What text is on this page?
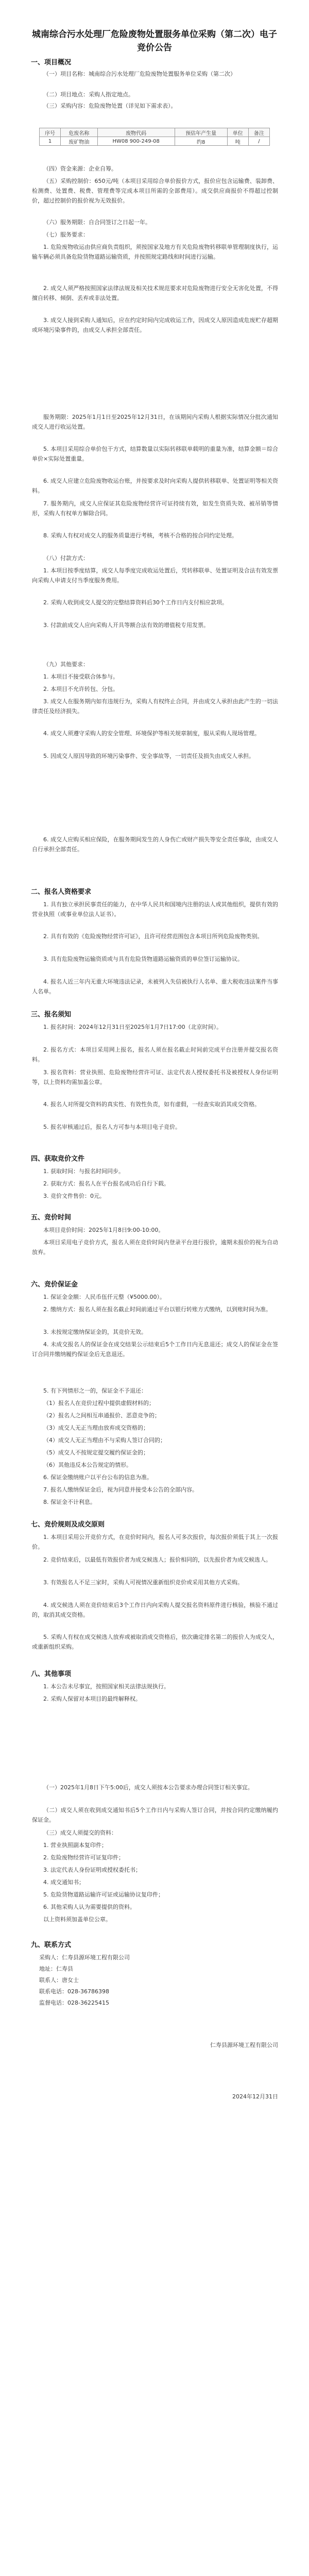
城南综合污水处理厂危险废物处置服务单位采购（第二次）电子竞价公告
一、项目概况
（一）项目名称：城南综合污水处理厂危险废物处置服务单位采购（第二次）
（二）项目地点：采购人指定地点。
（三）采购内容：危险废物处置（详见如下需求表）。
序号	危废名称	废物代码	预估年产生量	单位	备注
1	废矿物油	HW08 900-249-08	约8	吨	/
（四）资金来源：企业自筹。
（五）采购控制价：650元/吨（本项目采用综合单价报价方式，报价应包含运输费、装卸费、检测费、处置费、税费、管理费等完成本项目所需的全部费用）。成交供应商报价不得超过控制价，超过控制价的报价视为无效报价。
（六）服务期限：自合同签订之日起一年。
（七）服务要求：
1. 危险废物收运由供应商负责组织，须按国家及地方有关危险废物转移联单管理制度执行，运输车辆必须具备危险货物道路运输资质，并按照规定路线和时间进行运输。
2. 成交人须严格按照国家法律法规及相关技术规范要求对危险废物进行安全无害化处置，不得擅自转移、倾倒、丢弃或非法处置。
3. 成交人接到采购人通知后，应在约定时间内完成收运工作，因成交人原因造成危废贮存超期或环境污染事件的，由成交人承担全部责任。
服务期限：2025年1月1日至2025年12月31日，在该期间内采购人根据实际情况分批次通知成交人进行收运处置。
5. 本项目采用综合单价包干方式，结算数量以实际转移联单载明的重量为准，结算金额＝综合单价×实际处置重量。
6. 成交人应建立危险废物收运台账，并按要求及时向采购人提供转移联单、处置证明等相关资料。
7. 服务期内，成交人应保证其危险废物经营许可证持续有效，如发生资质失效、被吊销等情形，采购人有权单方解除合同。
8. 采购人有权对成交人的服务质量进行考核，考核不合格的按合同约定处理。
（八）付款方式：
1. 本项目按季度结算，成交人每季度完成收运处置后，凭转移联单、处置证明及合法有效发票向采购人申请支付当季度服务费用。
2. 采购人收到成交人提交的完整结算资料后30个工作日内支付相应款项。
3. 付款前成交人应向采购人开具等额合法有效的增值税专用发票。
（九）其他要求：
1. 本项目不接受联合体参与。
2. 本项目不允许转包、分包。
3. 成交人在服务期内如有违规行为，采购人有权终止合同，并由成交人承担由此产生的一切法律责任及经济损失。
4. 成交人须遵守采购人的安全管理、环境保护等相关规章制度，服从采购人现场管理。
5. 因成交人原因导致的环境污染事件、安全事故等，一切责任及损失由成交人承担。
6. 成交人应购买相应保险，在服务期间发生的人身伤亡或财产损失等安全责任事故，由成交人自行承担全部责任。
二、报名人资格要求
1. 具有独立承担民事责任的能力，在中华人民共和国境内注册的法人或其他组织，提供有效的营业执照（或事业单位法人证书）。
2. 具有有效的《危险废物经营许可证》，且许可经营范围包含本项目所列危险废物类别。
3. 具有危险废物运输资质或与具有危险货物道路运输资质的单位签订运输协议。
4. 报名人近三年内无重大环境违法记录，未被列入失信被执行人名单、重大税收违法案件当事人名单。
三、报名须知
1. 报名时间：2024年12月31日至2025年1月7日17:00（北京时间）。
2. 报名方式：本项目采用网上报名，报名人须在报名截止时间前完成平台注册并提交报名资料。
3. 报名资料：营业执照、危险废物经营许可证、法定代表人授权委托书及被授权人身份证明等，以上资料均需加盖公章。
4. 报名人对所提交资料的真实性、有效性负责，如有虚假，一经查实取消其成交资格。
5. 报名审核通过后，报名人方可参与本项目电子竞价。
四、获取竞价文件
1. 获取时间：与报名时间同步。
2. 获取方式：报名人在平台报名成功后自行下载。
3. 竞价文件售价：0元。
五、竞价时间
本项目竞价时间：2025年1月8日9:00-10:00。
本项目采用电子竞价方式，报名人须在竞价时间内登录平台进行报价，逾期未报价的视为自动放弃。
六、竞价保证金
1. 保证金金额：人民币伍仟元整（¥5000.00）。
2. 缴纳方式：报名人须在报名截止时间前通过平台以银行转账方式缴纳，以到账时间为准。
3. 未按规定缴纳保证金的，其竞价无效。
4. 未成交报名人的保证金在成交结果公示结束后5个工作日内无息退还；成交人的保证金在签订合同并缴纳履约保证金后无息退还。
5. 有下列情形之一的，保证金不予退还：
（1）报名人在竞价过程中提供虚假材料的；
（2）报名人之间相互串通报价、恶意竞争的；
（3）成交人无正当理由放弃成交资格的；
（4）成交人无正当理由不与采购人签订合同的；
（5）成交人不按规定提交履约保证金的；
（6）其他违反本公告规定的情形。
6. 保证金缴纳账户以平台公布的信息为准。
7. 报名人缴纳保证金后，视为同意并接受本公告的全部内容。
8. 保证金不计利息。
七、竞价规则及成交原则
1. 本项目采用公开竞价方式，在竞价时间内，报名人可多次报价，每次报价须低于其上一次报价。
2. 竞价结束后，以最低有效报价者为成交候选人；报价相同的，以先报价者为成交候选人。
3. 有效报名人不足三家时，采购人可视情况重新组织竞价或采用其他方式采购。
4. 成交候选人须在竞价结束后3个工作日内向采购人提交报名资料原件进行核验，核验不通过的，取消其成交资格。
5. 采购人有权在成交候选人放弃或被取消成交资格后，依次确定排名第二的报价人为成交人，或重新组织采购。
八、其他事项
1. 本公告未尽事宜，按照国家相关法律法规执行。
2. 采购人保留对本项目的最终解释权。
（一）2025年1月8日下午5:00后，成交人须按本公告要求办理合同签订相关事宜。
（二）成交人须在收到成交通知书后5个工作日内与采购人签订合同，并按合同约定缴纳履约保证金。
（三）成交人须提交的资料：
1. 营业执照副本复印件；
2. 危险废物经营许可证复印件；
3. 法定代表人身份证明或授权委托书；
4. 成交通知书；
5. 危险货物道路运输许可证或运输协议复印件；
6. 其他采购人认为需要提供的资料。
以上资料须加盖单位公章。
九、联系方式
采购人：仁寿县源环境工程有限公司
地址：仁寿县
联系人：唐女士
联系电话：028-36786398
监督电话：028-36225415
仁寿县源环境工程有限公司
2024年12月31日
